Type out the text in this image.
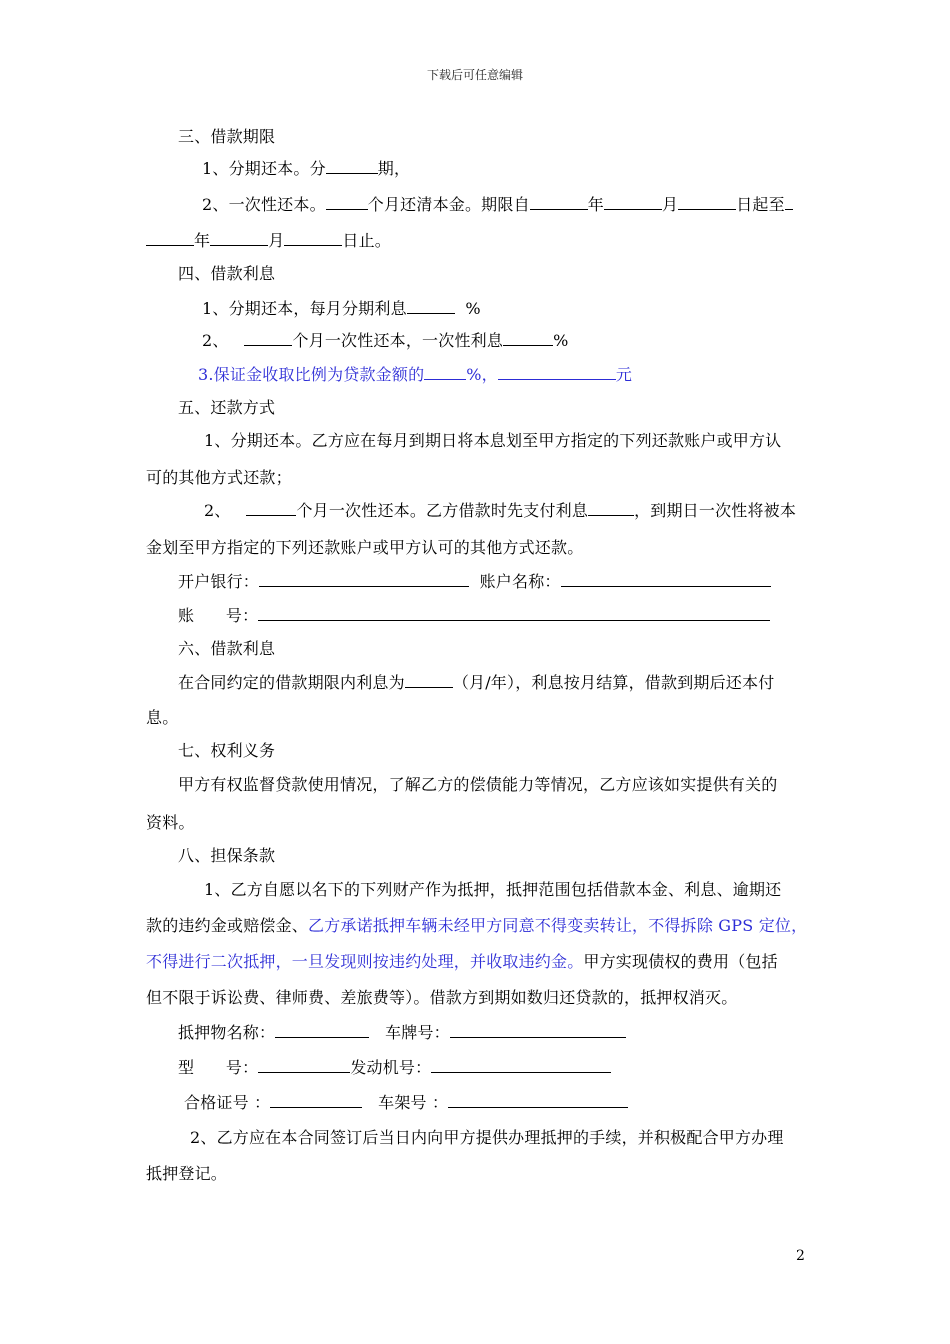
下载后可任意编辑
三、借款期限
1、分期还本。分	期，
2、一次性还本。	个月还清本金。期限自	年	月	日起至
年	月	日止。
四、借款利息
1、分期还本，每月分期利息	%
2、	个月一次性还本，一次性利息	%
3.保证金收取比例为贷款金额的	%，	元
五、还款方式
1、分期还本。乙方应在每月到期日将本息划至甲方指定的下列还款账户或甲方认
可的其他方式还款；
2、	个月一次性还本。乙方借款时先支付利息	，到期日一次性将被本
金划至甲方指定的下列还款账户或甲方认可的其他方式还款。
开户银行：	账户名称：
账      号：
六、借款利息
在合同约定的借款期限内利息为	（月/年），利息按月结算，借款到期后还本付
息。
七、权利义务
甲方有权监督贷款使用情况，了解乙方的偿债能力等情况，乙方应该如实提供有关的
资料。
八、担保条款
1、乙方自愿以名下的下列财产作为抵押，抵押范围包括借款本金、利息、逾期还
款的违约金或赔偿金、乙方承诺抵押车辆未经甲方同意不得变卖转让，不得拆除 GPS 定位，
不得进行二次抵押，一旦发现则按违约处理，并收取违约金。甲方实现债权的费用（包括
但不限于诉讼费、律师费、差旅费等）。借款方到期如数归还贷款的，抵押权消灭。
抵押物名称：	车牌号：
型      号：	发动机号：
合格证号 ：	车架号 ：
2、乙方应在本合同签订后当日内向甲方提供办理抵押的手续，并积极配合甲方办理
抵押登记。
2
